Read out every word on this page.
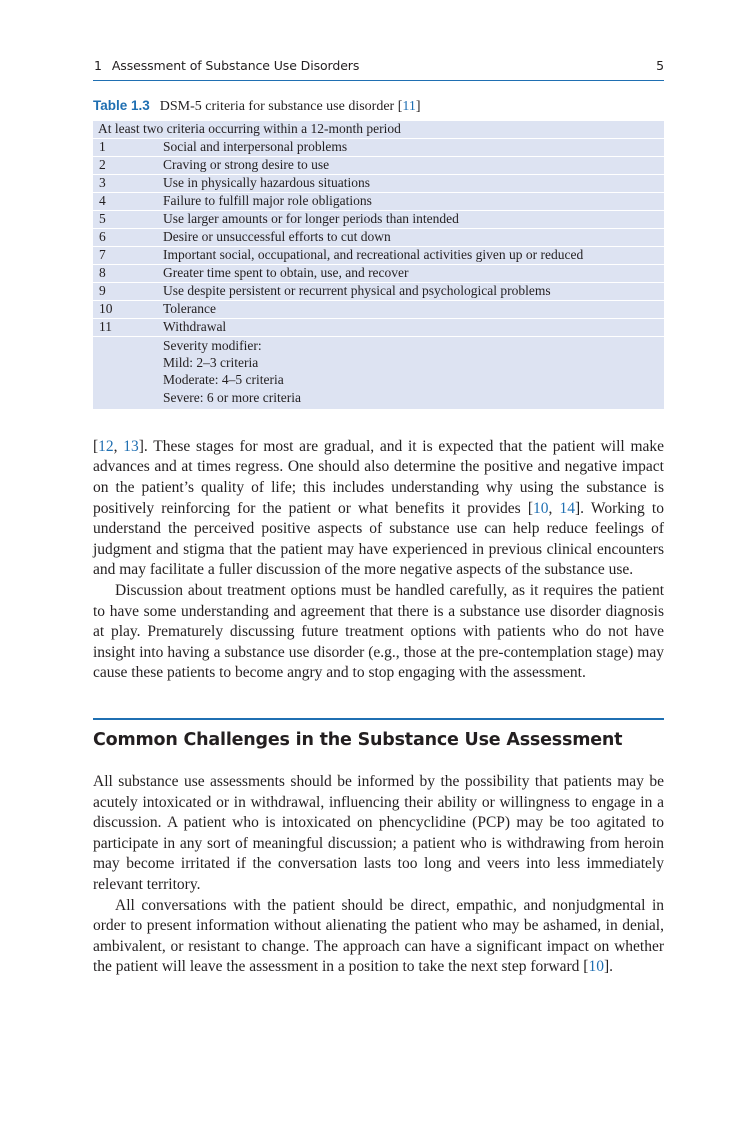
1 Assessment of Substance Use Disorders	5
Table 1.3 DSM-5 criteria for substance use disorder [11]
At least two criteria occurring within a 12-month period	
1	Social and interpersonal problems
2	Craving or strong desire to use
3	Use in physically hazardous situations
4	Failure to fulfill major role obligations
5	Use larger amounts or for longer periods than intended
6	Desire or unsuccessful efforts to cut down
7	Important social, occupational, and recreational activities given up or reduced
8	Greater time spent to obtain, use, and recover
9	Use despite persistent or recurrent physical and psychological problems
10	Tolerance
11	Withdrawal

	Severity modifier:
Mild: 2–3 criteria
Moderate: 4–5 criteria
Severe: 6 or more criteria

[12, 13]. These stages for most are gradual, and it is expected that the patient will make advances and at times regress. One should also determine the positive and negative impact on the patient’s quality of life; this includes understanding why using the substance is positively reinforcing for the patient or what benefits it provides [10, 14]. Working to understand the perceived positive aspects of substance use can help reduce feelings of judgment and stigma that the patient may have experienced in previous clinical encounters and may facilitate a fuller discussion of the more negative aspects of the substance use.

Discussion about treatment options must be handled carefully, as it requires the patient to have some understanding and agreement that there is a substance use disorder diagnosis at play. Prematurely discussing future treatment options with patients who do not have insight into having a substance use disorder (e.g., those at the pre-contemplation stage) may cause these patients to become angry and to stop engaging with the assessment.

Common Challenges in the Substance Use Assessment

All substance use assessments should be informed by the possibility that patients may be acutely intoxicated or in withdrawal, influencing their ability or willingness to engage in a discussion. A patient who is intoxicated on phencyclidine (PCP) may be too agitated to participate in any sort of meaningful discussion; a patient who is withdrawing from heroin may become irritated if the conversation lasts too long and veers into less immediately relevant territory.

All conversations with the patient should be direct, empathic, and nonjudgmental in order to present information without alienating the patient who may be ashamed, in denial, ambivalent, or resistant to change. The approach can have a significant impact on whether the patient will leave the assessment in a position to take the next step forward [10].
